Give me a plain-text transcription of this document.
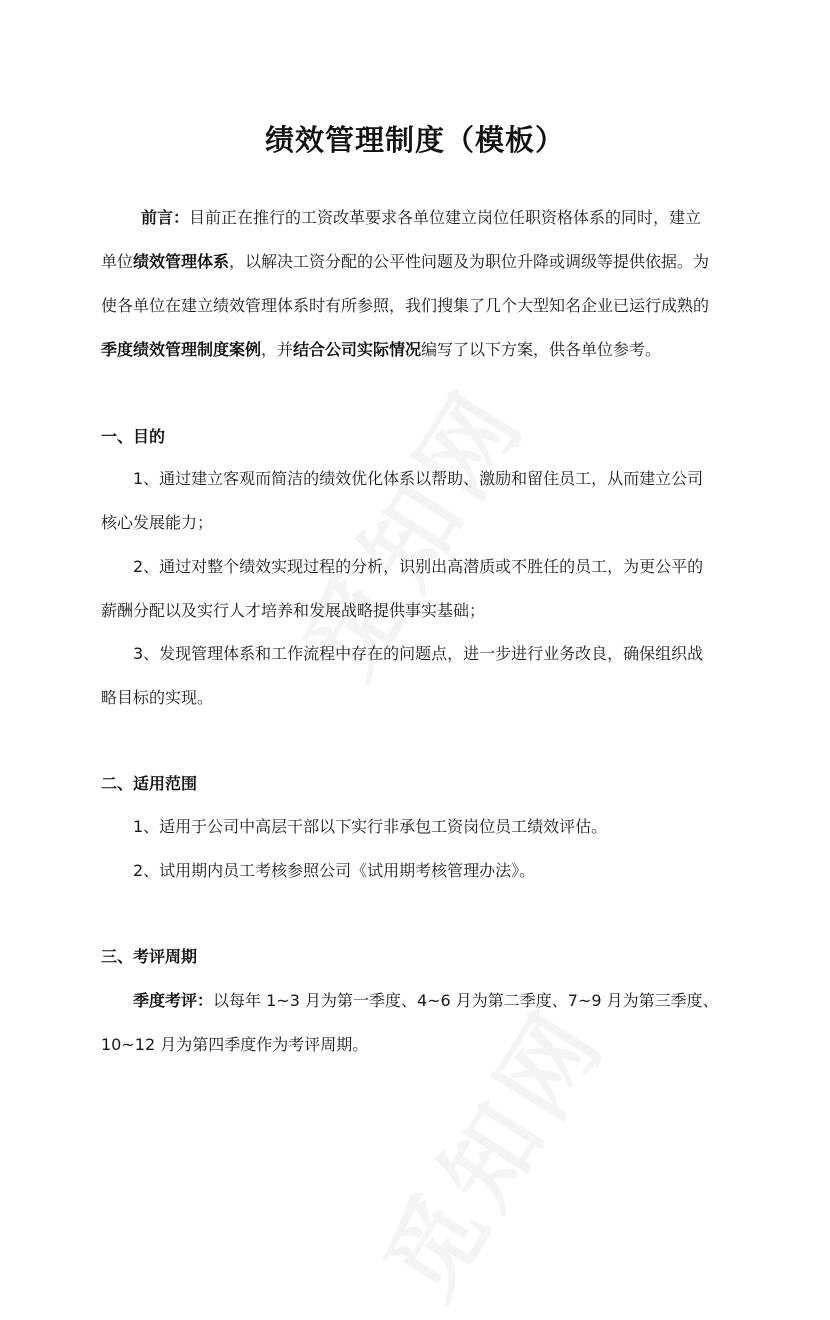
绩效管理制度（模板）
前言：目前正在推行的工资改革要求各单位建立岗位任职资格体系的同时，建立
单位绩效管理体系，以解决工资分配的公平性问题及为职位升降或调级等提供依据。为
使各单位在建立绩效管理体系时有所参照，我们搜集了几个大型知名企业已运行成熟的
季度绩效管理制度案例，并结合公司实际情况编写了以下方案，供各单位参考。
一、目的
1、通过建立客观而简洁的绩效优化体系以帮助、激励和留住员工，从而建立公司
核心发展能力；
2、通过对整个绩效实现过程的分析，识别出高潜质或不胜任的员工，为更公平的
薪酬分配以及实行人才培养和发展战略提供事实基础；
3、发现管理体系和工作流程中存在的问题点，进一步进行业务改良，确保组织战
略目标的实现。
二、适用范围
1、适用于公司中高层干部以下实行非承包工资岗位员工绩效评估。
2、试用期内员工考核参照公司《试用期考核管理办法》。
三、考评周期
季度考评：以每年 1~3 月为第一季度、4~6 月为第二季度、7~9 月为第三季度、
10~12 月为第四季度作为考评周期。
